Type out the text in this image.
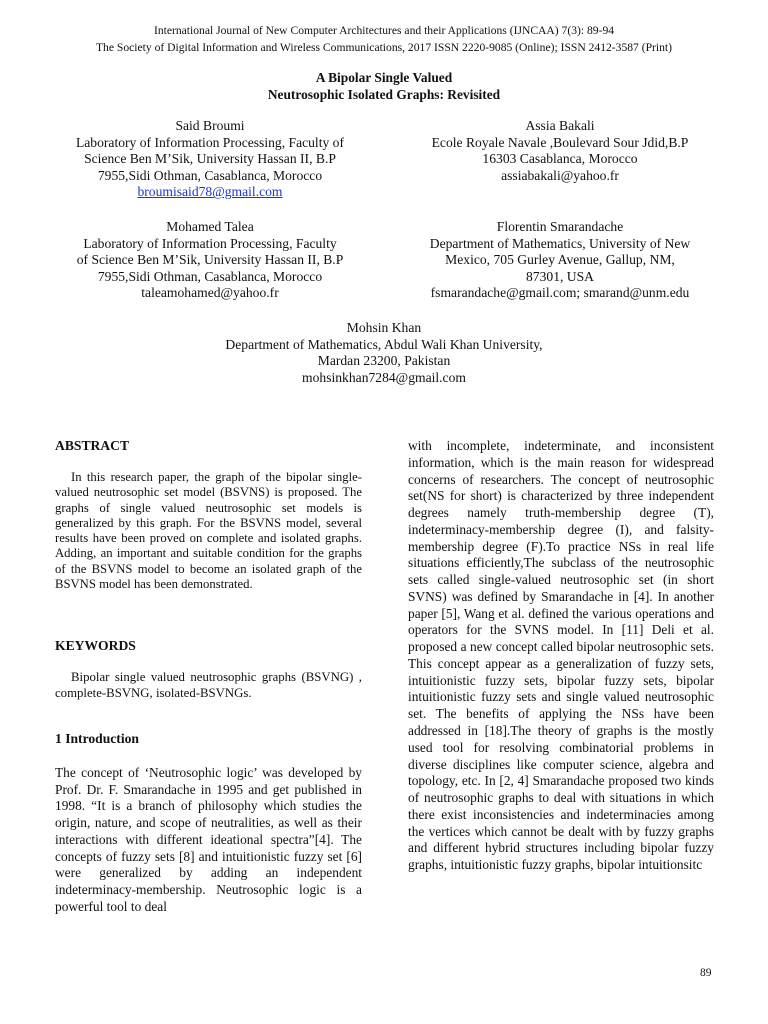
International Journal of New Computer Architectures and their Applications (IJNCAA) 7(3): 89-94
The Society of Digital Information and Wireless Communications, 2017 ISSN 2220-9085 (Online); ISSN 2412-3587 (Print)
A Bipolar Single Valued
Neutrosophic Isolated Graphs: Revisited
Said Broumi
Laboratory of Information Processing, Faculty of
Science Ben M’Sik, University Hassan II, B.P
7955,Sidi Othman, Casablanca, Morocco
broumisaid78@gmail.com
Assia Bakali
Ecole Royale Navale ,Boulevard Sour Jdid,B.P
16303 Casablanca, Morocco
assiabakali@yahoo.fr
Mohamed Talea
Laboratory of Information Processing, Faculty
of Science Ben M’Sik, University Hassan II, B.P
7955,Sidi Othman, Casablanca, Morocco
taleamohamed@yahoo.fr
Florentin Smarandache
Department of Mathematics, University of New
Mexico, 705 Gurley Avenue, Gallup, NM,
87301, USA
fsmarandache@gmail.com; smarand@unm.edu
Mohsin Khan
Department of Mathematics, Abdul Wali Khan University,
Mardan 23200, Pakistan
mohsinkhan7284@gmail.com
ABSTRACT

In this research paper, the graph of the bipolar single-valued neutrosophic set model (BSVNS) is proposed. The graphs of single valued neutrosophic set models is generalized by this graph. For the BSVNS model, several results have been proved on complete and isolated graphs. Adding, an important and suitable condition for the graphs of the BSVNS model to become an isolated graph of the BSVNS model has been demonstrated.

KEYWORDS

Bipolar single valued neutrosophic graphs (BSVNG) , complete-BSVNG, isolated-BSVNGs.

1 Introduction

The concept of ‘Neutrosophic logic’ was developed by Prof. Dr. F. Smarandache in 1995 and get published in 1998. “It is a branch of philosophy which studies the origin, nature, and scope of neutralities, as well as their interactions with different ideational spectra”[4]. The concepts of fuzzy sets [8] and intuitionistic fuzzy set [6] were generalized by adding an independent indeterminacy-membership. Neutrosophic logic is a powerful tool to deal

with incomplete, indeterminate, and inconsistent information, which is the main reason for widespread concerns of researchers. The concept of neutrosophic set(NS for short) is characterized by three independent degrees namely truth-membership degree (T), indeterminacy-membership degree (I), and falsity-membership degree (F).To practice NSs in real life situations efficiently,The subclass of the neutrosophic sets called single-valued neutrosophic set (in short SVNS) was defined by Smarandache in [4]. In another paper [5], Wang et al. defined the various operations and operators for the SVNS model. In [11] Deli et al. proposed a new concept called bipolar neutrosophic sets. This concept appear as a generalization of fuzzy sets, intuitionistic fuzzy sets, bipolar fuzzy sets, bipolar intuitionistic fuzzy sets and single valued neutrosophic set. The benefits of applying the NSs have been addressed in [18].The theory of graphs is the mostly used tool for resolving combinatorial problems in diverse disciplines like computer science, algebra and topology, etc. In [2, 4] Smarandache proposed two kinds of neutrosophic graphs to deal with situations in which there exist inconsistencies and indeterminacies among the vertices which cannot be dealt with by fuzzy graphs and different hybrid structures including bipolar fuzzy graphs, intuitionistic fuzzy graphs, bipolar intuitionsitc

89
